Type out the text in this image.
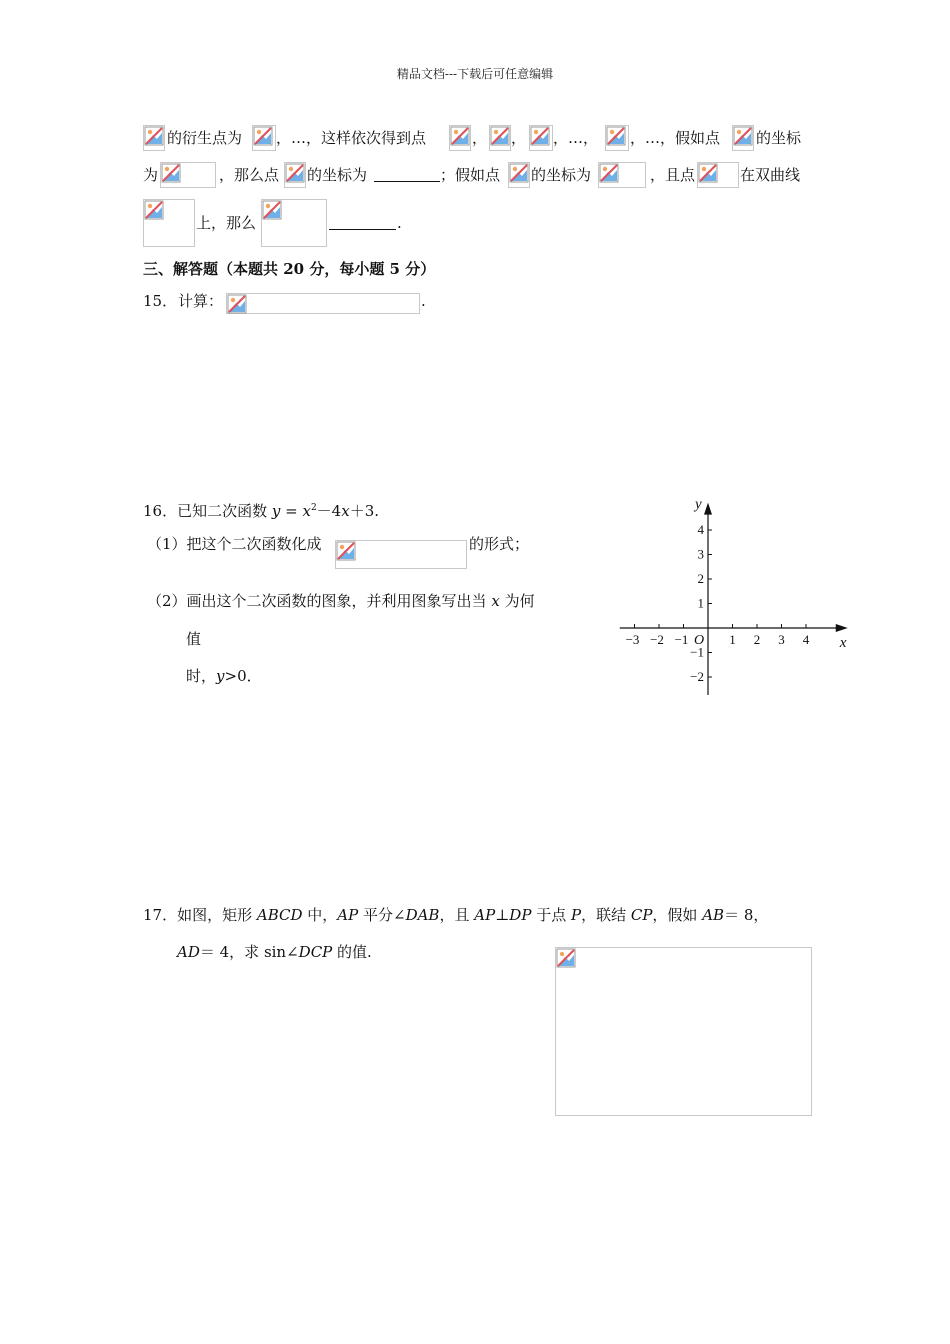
精品文档---下载后可任意编辑
的衍生点为 ，…，这样依次得到点	， ， ，…， ，…，假如点 的坐标
为	，那么点 的坐标为	；假如点 的坐标为	，且点	在双曲线
上，那么	.
三、解答题（本题共 20 分，每小题 5 分）
15． 计算：	.
16．已知二次函数 $y = x^2-4x+3$.
（1）把这个二次函数化成	的形式；
（2）画出这个二次函数的图象，并利用图象写出当 x 为何
值
时，y>0．
−3 −2 −1	1 2 3 4
−2
−1
1
2
3
4
O	x
y
17．如图，矩形 ABCD 中，AP 平分∠DAB，且 AP⊥DP 于点 P，联结 CP，假如 AB＝ 8，
AD＝ 4，求 sin∠DCP 的值.
